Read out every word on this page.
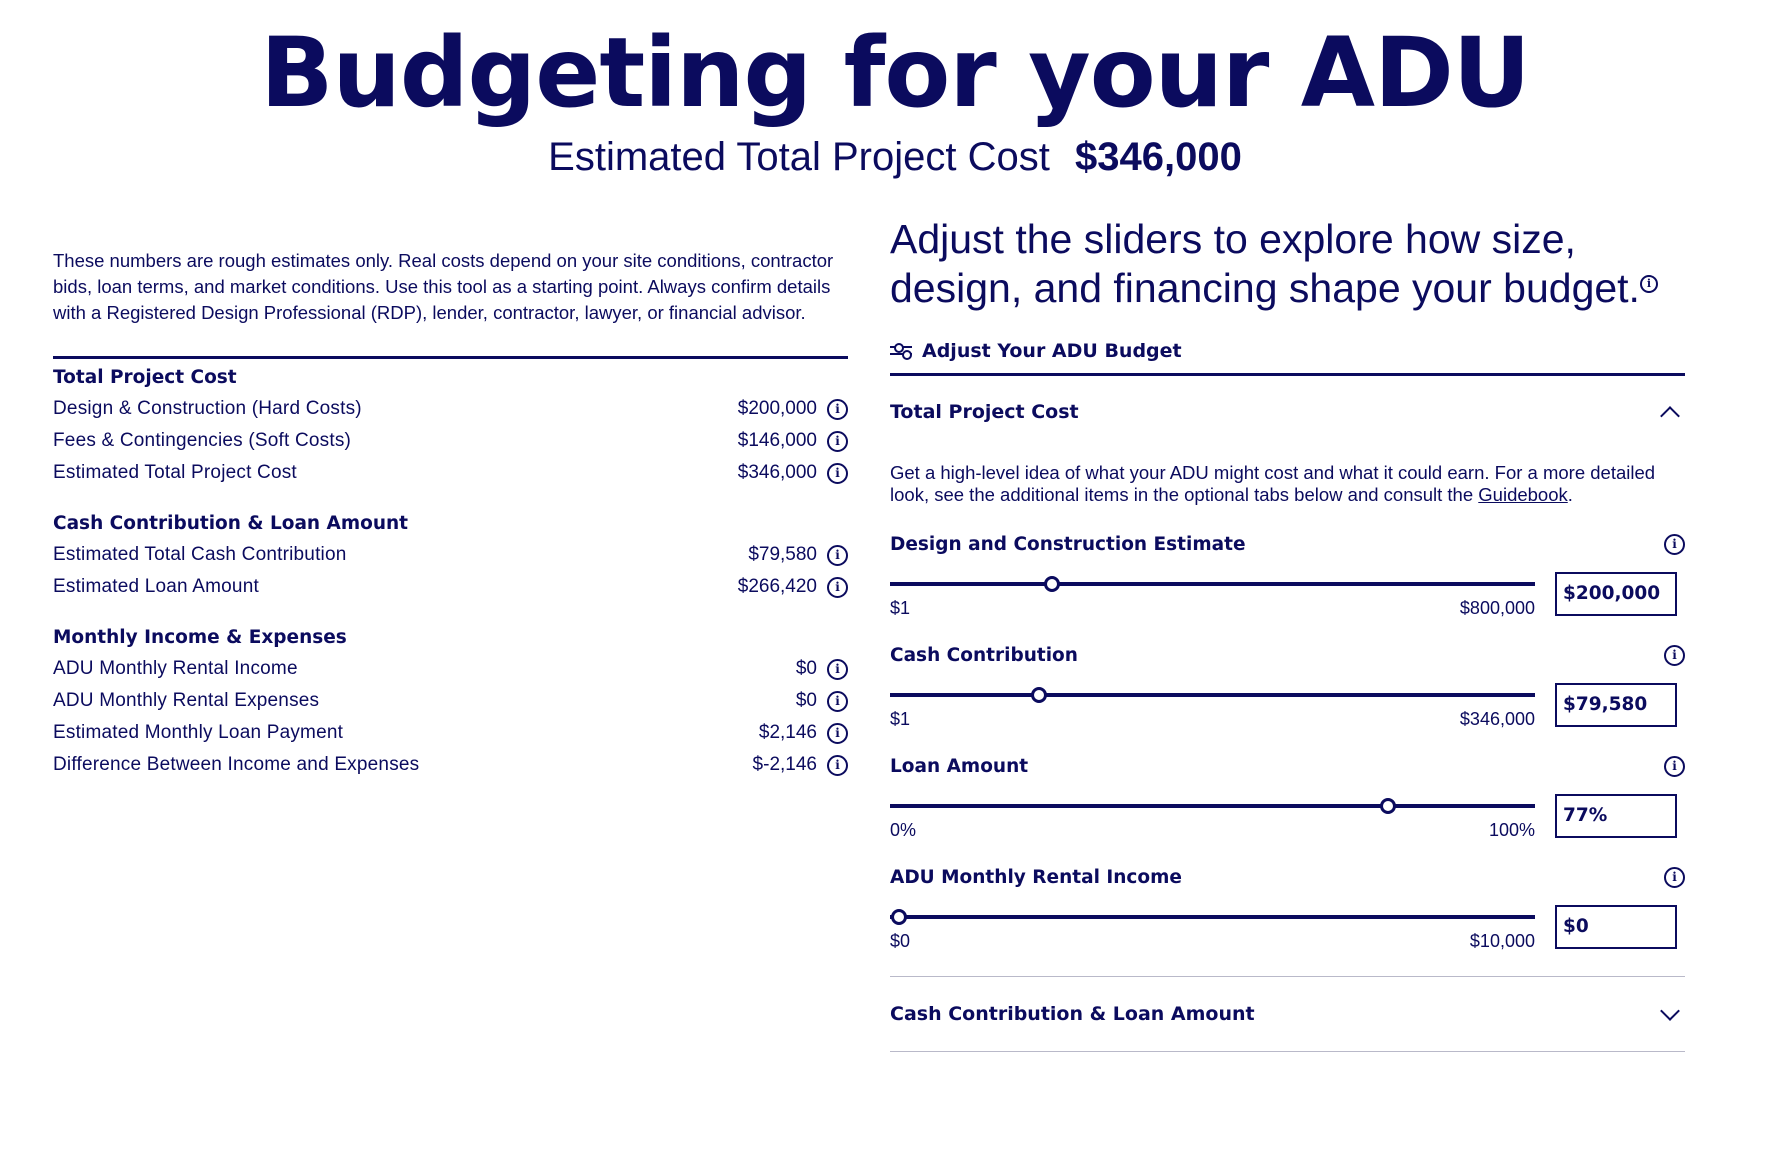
Budgeting for your ADU
Estimated Total Project Cost $346,000

These numbers are rough estimates only. Real costs depend on your site conditions, contractor bids, loan terms, and market conditions. Use this tool as a starting point. Always confirm details with a Registered Design Professional (RDP), lender, contractor, lawyer, or financial advisor.

Total Project Cost
Design & Construction (Hard Costs)	$200,000	i
Fees & Contingencies (Soft Costs)	$146,000	i
Estimated Total Project Cost	$346,000	i
Cash Contribution & Loan Amount
Estimated Total Cash Contribution	$79,580	i
Estimated Loan Amount	$266,420	i
Monthly Income & Expenses
ADU Monthly Rental Income	$0	i
ADU Monthly Rental Expenses	$0	i
Estimated Monthly Loan Payment	$2,146	i
Difference Between Income and Expenses	$-2,146	i
Adjust the sliders to explore how size, design, and financing shape your budget. i
Adjust Your ADU Budget
Total Project Cost
Get a high-level idea of what your ADU might cost and what it could earn. For a more detailed look, see the additional items in the optional tabs below and consult the Guidebook.
Design and Construction Estimate	i
$1	$800,000
$200,000
Cash Contribution	i
$1	$346,000
$79,580
Loan Amount	i
0%	100%
77%
ADU Monthly Rental Income	i
$0	$10,000
$0
Cash Contribution & Loan Amount
